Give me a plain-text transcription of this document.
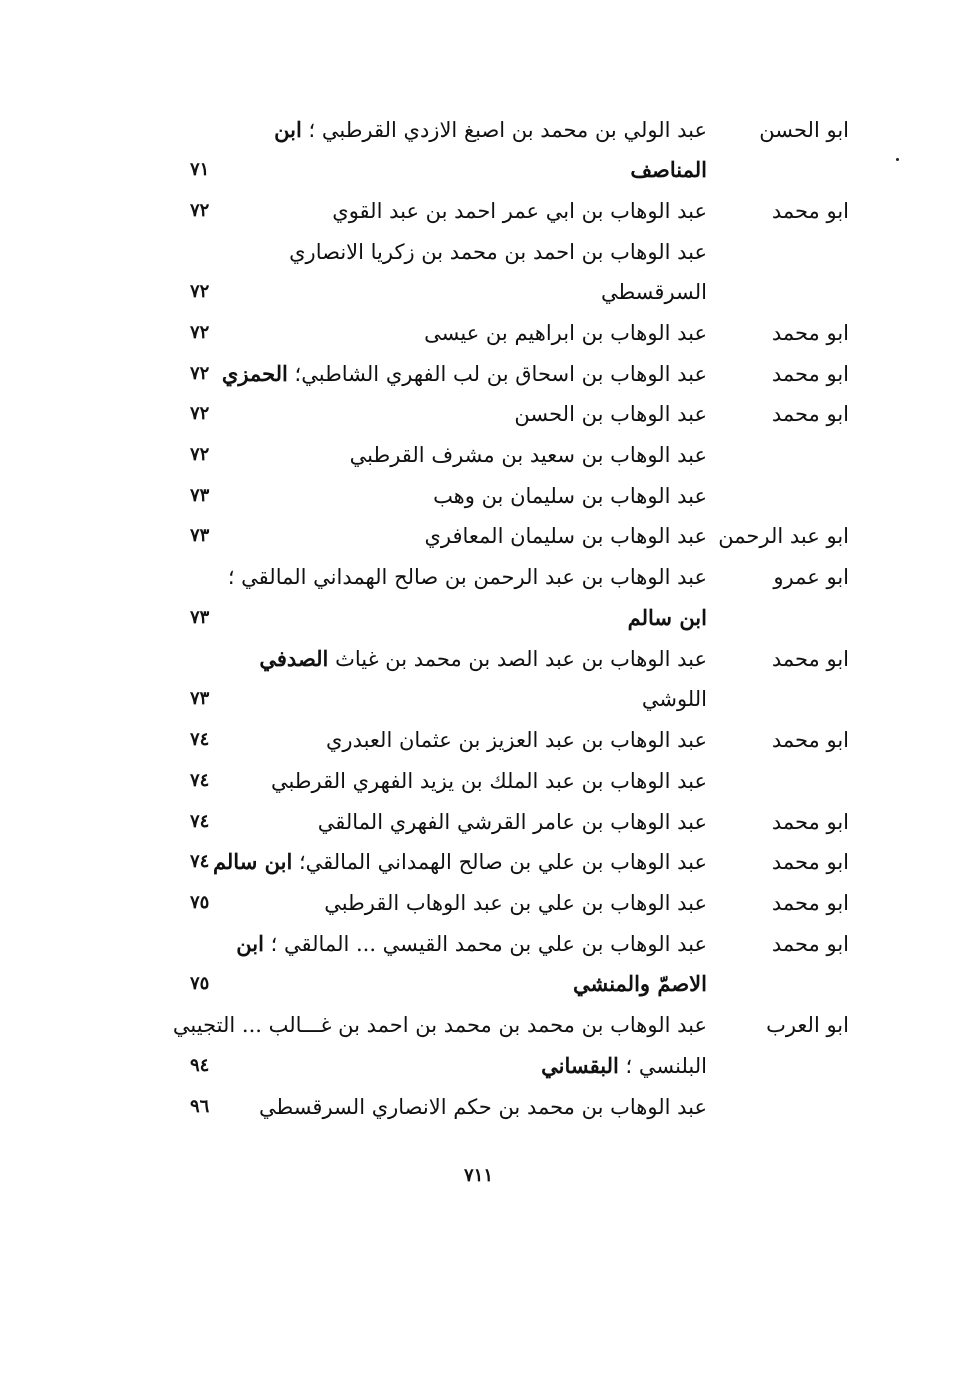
ابو الحسن
عبد الولي بن محمد بن اصبغ الازدي القرطبي ؛ ابن
المناصف
٧١
ابو محمد
عبد الوهاب بن ابي عمر احمد بن عبد القوي
٧٢
عبد الوهاب بن احمد بن محمد بن زكريا الانصاري
السرقسطي
٧٢
ابو محمد
عبد الوهاب بن ابراهيم بن عيسى
٧٢
ابو محمد
عبد الوهاب بن اسحاق بن لب الفهري الشاطبي؛ الحمزي
٧٢
ابو محمد
عبد الوهاب بن الحسن
٧٢
عبد الوهاب بن سعيد بن مشرف القرطبي
٧٢
عبد الوهاب بن سليمان بن وهب
٧٣
ابو عبد الرحمن
عبد الوهاب بن سليمان المعافري
٧٣
ابو عمرو
عبد الوهاب بن عبد الرحمن بن صالح الهمداني المالقي ؛
ابن سالم
٧٣
ابو محمد
عبد الوهاب بن عبد الصد بن محمد بن غياث الصدفي
اللوشي
٧٣
ابو محمد
عبد الوهاب بن عبد العزيز بن عثمان العبدري
٧٤
عبد الوهاب بن عبد الملك بن يزيد الفهري القرطبي
٧٤
ابو محمد
عبد الوهاب بن عامر القرشي الفهري المالقي
٧٤
ابو محمد
عبد الوهاب بن علي بن صالح الهمداني المالقي؛ ابن سالم
٧٤
ابو محمد
عبد الوهاب بن علي بن عبد الوهاب القرطبي
٧٥
ابو محمد
عبد الوهاب بن علي بن محمد القيسي ... المالقي ؛ ابن
الاصمّ والمنشي
٧٥
ابو العرب
عبد الوهاب بن محمد بن محمد بن احمد بن غـــالب ... التجيبي
البلنسي ؛ البقساني
٩٤
عبد الوهاب بن محمد بن حكم الانصاري السرقسطي
٩٦
٧١١
